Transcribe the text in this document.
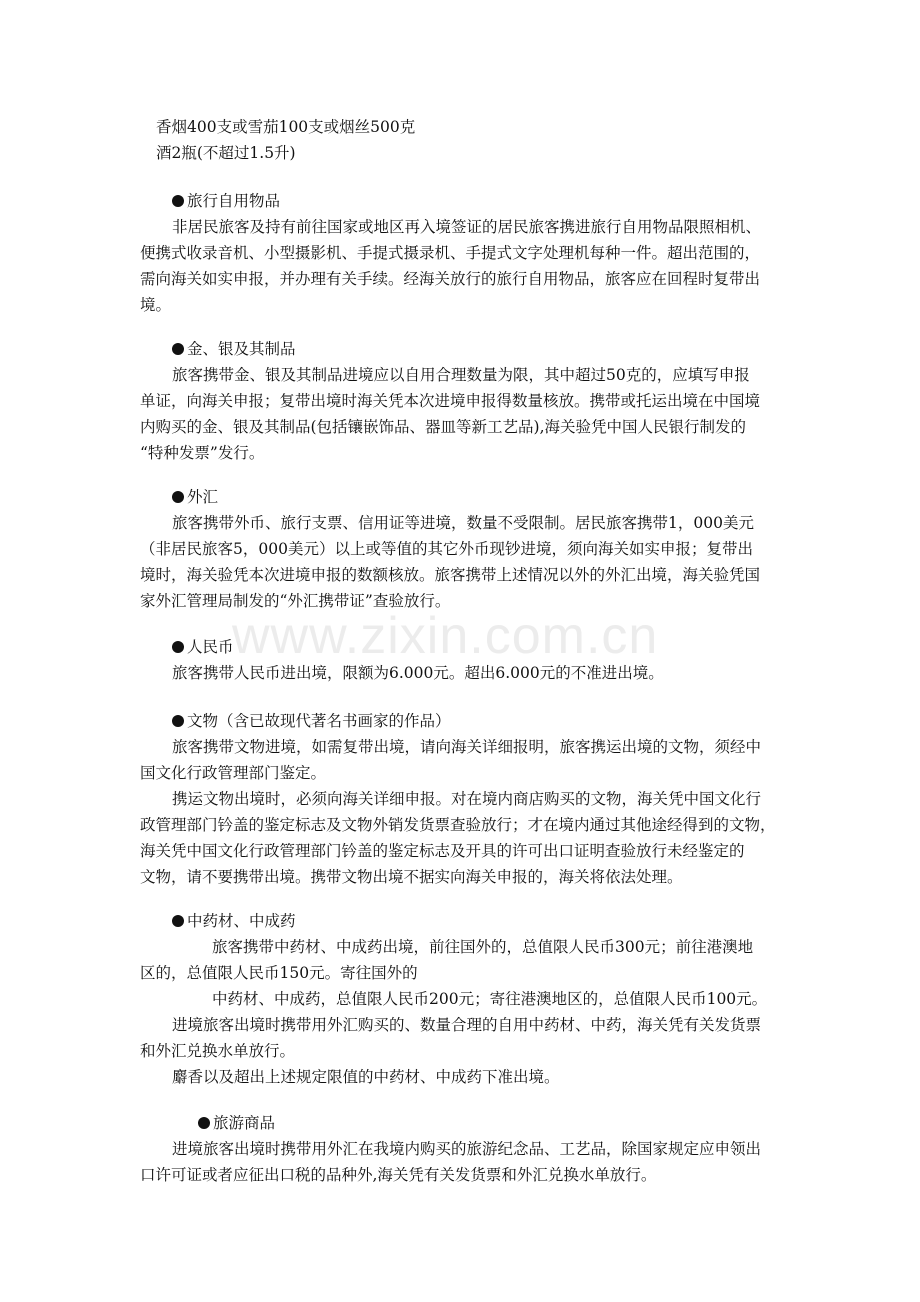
www.zixin.com.cn
香烟400支或雪茄100支或烟丝500克
酒2瓶(不超过1.5升)
旅行自用物品
非居民旅客及持有前往国家或地区再入境签证的居民旅客携进旅行自用物品限照相机、
便携式收录音机、小型摄影机、手提式摄录机、手提式文字处理机每种一件。超出范围的，
需向海关如实申报，并办理有关手续。经海关放行的旅行自用物品，旅客应在回程时复带出
境。
金、银及其制品
旅客携带金、银及其制品进境应以自用合理数量为限，其中超过50克的，应填写申报
单证，向海关申报；复带出境时海关凭本次进境申报得数量核放。携带或托运出境在中国境
内购买的金、银及其制品(包括镶嵌饰品、器皿等新工艺品),海关验凭中国人民银行制发的
“特种发票”发行。
外汇
旅客携带外币、旅行支票、信用证等进境，数量不受限制。居民旅客携带1，000美元
（非居民旅客5，000美元）以上或等值的其它外币现钞进境，须向海关如实申报；复带出
境时，海关验凭本次进境申报的数额核放。旅客携带上述情况以外的外汇出境，海关验凭国
家外汇管理局制发的“外汇携带证”查验放行。
人民币
旅客携带人民币进出境，限额为6.000元。超出6.000元的不准进出境。
文物（含已故现代著名书画家的作品）
旅客携带文物进境，如需复带出境，请向海关详细报明，旅客携运出境的文物，须经中
国文化行政管理部门鉴定。
携运文物出境时，必须向海关详细申报。对在境内商店购买的文物，海关凭中国文化行
政管理部门钤盖的鉴定标志及文物外销发货票查验放行；才在境内通过其他途经得到的文物，
海关凭中国文化行政管理部门钤盖的鉴定标志及开具的许可出口证明查验放行未经鉴定的
文物，请不要携带出境。携带文物出境不据实向海关申报的，海关将依法处理。
中药材、中成药
旅客携带中药材、中成药出境，前往国外的，总值限人民币300元；前往港澳地
区的，总值限人民币150元。寄往国外的
中药材、中成药，总值限人民币200元；寄往港澳地区的，总值限人民币100元。
进境旅客出境时携带用外汇购买的、数量合理的自用中药材、中药，海关凭有关发货票
和外汇兑换水单放行。
麝香以及超出上述规定限值的中药材、中成药下准出境。
旅游商品
进境旅客出境时携带用外汇在我境内购买的旅游纪念品、工艺品，除国家规定应申领出
口许可证或者应征出口税的品种外,海关凭有关发货票和外汇兑换水单放行。
